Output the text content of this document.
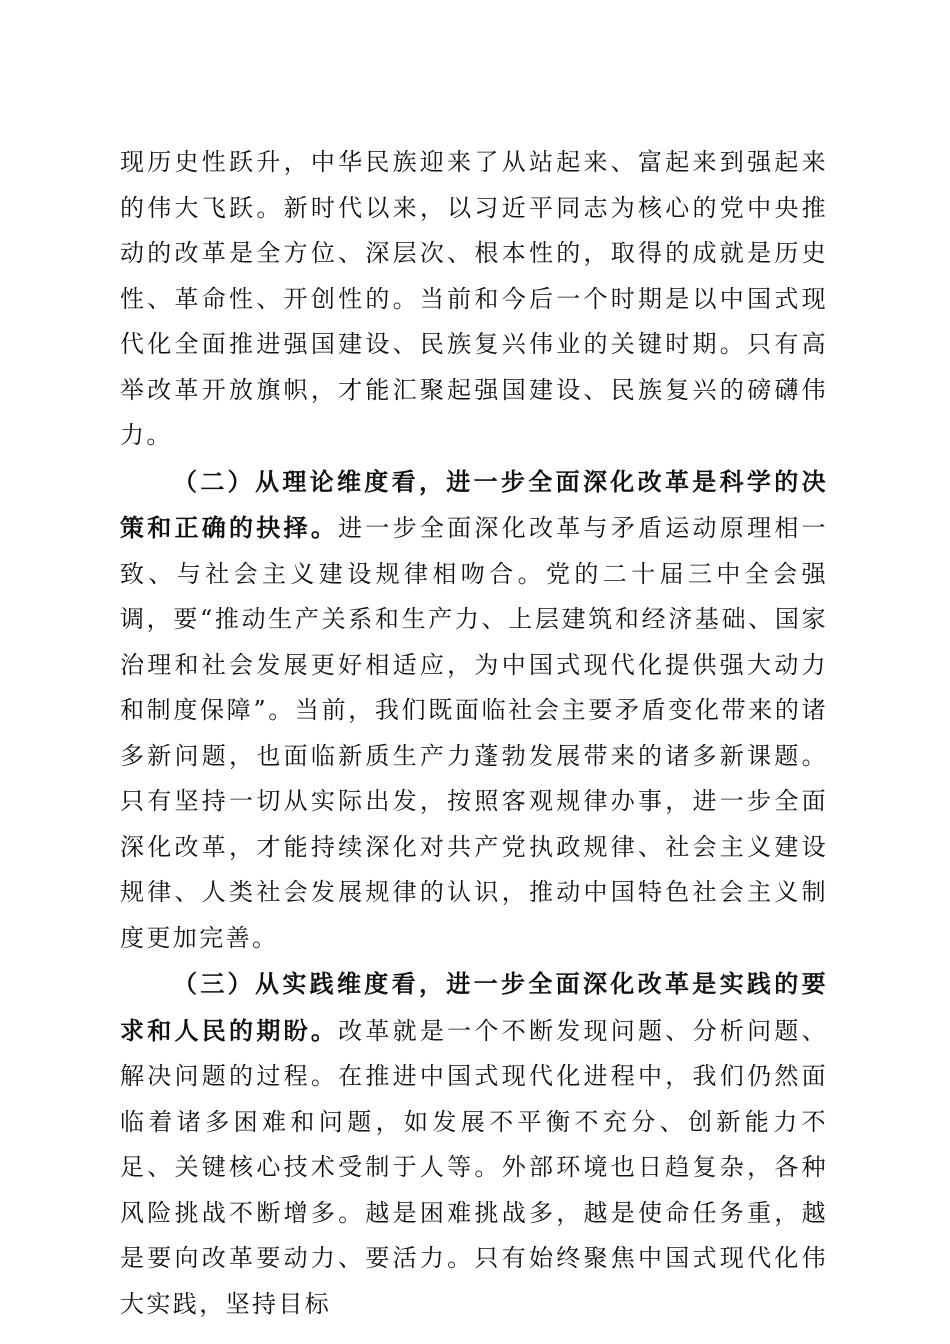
现历史性跃升，中华民族迎来了从站起来、富起来到强起来的伟大飞跃。新时代以来，以习近平同志为核心的党中央推动的改革是全方位、深层次、根本性的，取得的成就是历史性、革命性、开创性的。当前和今后一个时期是以中国式现代化全面推进强国建设、民族复兴伟业的关键时期。只有高举改革开放旗帜，才能汇聚起强国建设、民族复兴的磅礴伟力。

（二）从理论维度看，进一步全面深化改革是科学的决策和正确的抉择。进一步全面深化改革与矛盾运动原理相一致、与社会主义建设规律相吻合。党的二十届三中全会强调，要“推动生产关系和生产力、上层建筑和经济基础、国家治理和社会发展更好相适应，为中国式现代化提供强大动力和制度保障”。当前，我们既面临社会主要矛盾变化带来的诸多新问题，也面临新质生产力蓬勃发展带来的诸多新课题。只有坚持一切从实际出发，按照客观规律办事，进一步全面深化改革，才能持续深化对共产党执政规律、社会主义建设规律、人类社会发展规律的认识，推动中国特色社会主义制度更加完善。

（三）从实践维度看，进一步全面深化改革是实践的要求和人民的期盼。改革就是一个不断发现问题、分析问题、解决问题的过程。在推进中国式现代化进程中，我们仍然面临着诸多困难和问题，如发展不平衡不充分、创新能力不足、关键核心技术受制于人等。外部环境也日趋复杂，各种风险挑战不断增多。越是困难挑战多，越是使命任务重，越是要向改革要动力、要活力。只有始终聚焦中国式现代化伟大实践，坚持目标
